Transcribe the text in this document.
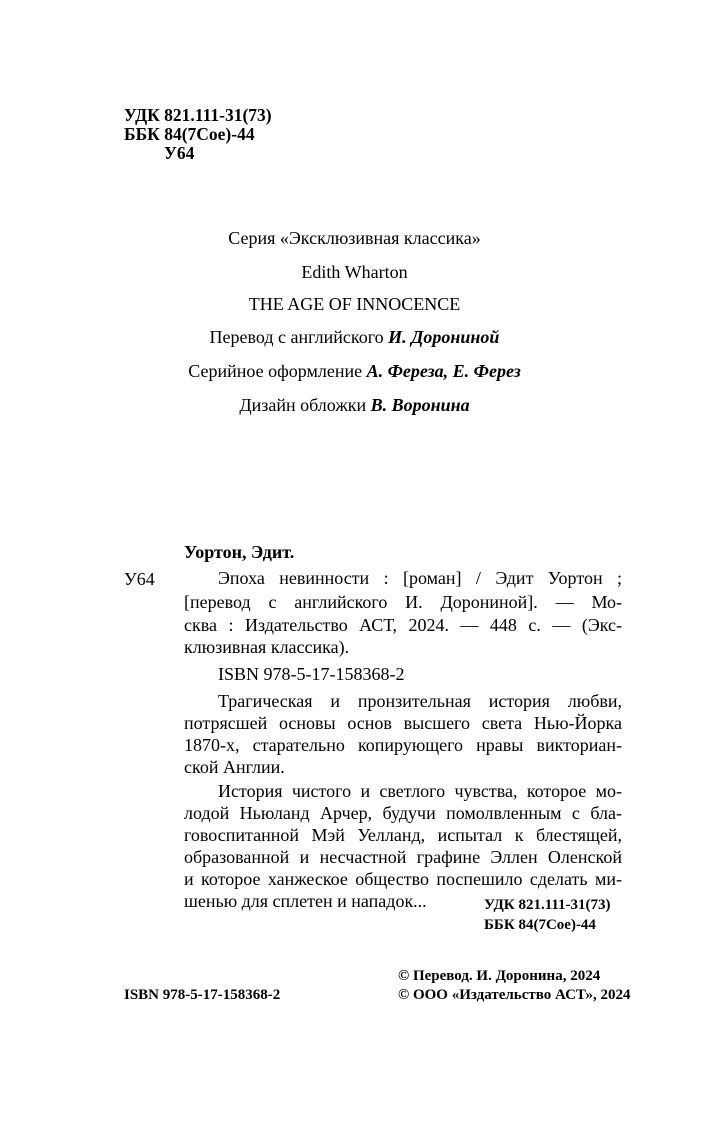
УДК 821.111-31(73)
ББК 84(7Сое)-44
У64
Серия «Эксклюзивная классика»
Edith Wharton
THE AGE OF INNOCENCE
Перевод с английского И. Дорониной
Серийное оформление А. Фереза, Е. Ферез
Дизайн обложки В. Воронина
Уортон, Эдит.
У64	Эпоха невинности : [роман] / Эдит Уортон ;
[перевод с английского И. Дорониной]. — Мо-
сква : Издательство АСТ, 2024. — 448 с. — (Экс-
клюзивная классика).
ISBN 978-5-17-158368-2
Трагическая и пронзительная история любви,
потрясшей основы основ высшего света Нью-Йорка
1870-х, старательно копирующего нравы викториан-
ской Англии.
История чистого и светлого чувства, которое мо-
лодой Ньюланд Арчер, будучи помолвленным с бла-
говоспитанной Мэй Уелланд, испытал к блестящей,
образованной и несчастной графине Эллен Оленской
и которое ханжеское общество поспешило сделать ми-
шенью для сплетен и нападок...	УДК 821.111-31(73)
ББК 84(7Сое)-44
ISBN 978-5-17-158368-2
© Перевод. И. Доронина, 2024
© ООО «Издательство АСТ», 2024
